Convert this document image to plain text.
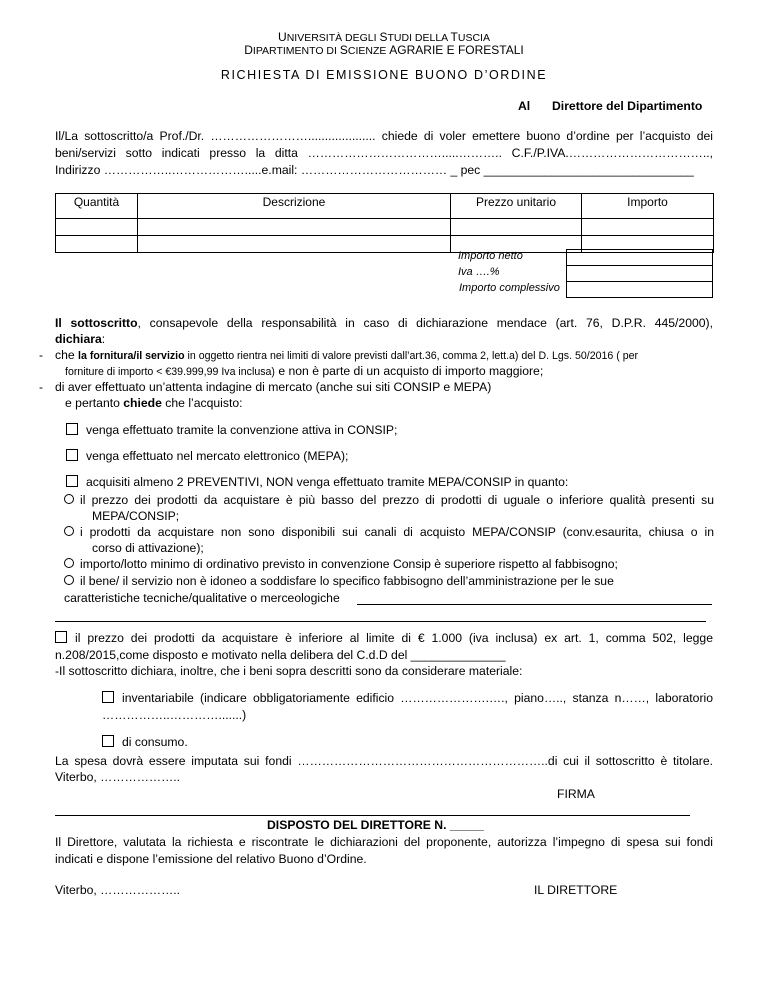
UNIVERSITÀ DEGLI STUDI DELLA TUSCIA
DIPARTIMENTO DI SCIENZE AGRARIE E FORESTALI
RICHIESTA DI EMISSIONE BUONO D’ORDINE
Al Direttore del Dipartimento
Il/La sottoscritto/a Prof./Dr. …………………….................... chiede di voler emettere buono d’ordine per l’acquisto dei
beni/servizi sotto indicati presso la ditta …………………………….....……….. C.F./P.IVA.……………………………..,
Indirizzo ……………..……………….....e.mail: ……………………………… _ pec _______________________________
Quantità	Descrizione	Prezzo unitario	Importo

Importo netto
Iva ….%
Importo complessivo

Il sottoscritto, consapevole della responsabilità in caso di dichiarazione mendace (art. 76, D.P.R. 445/2000),
dichiara:
- che la fornitura/il servizio in oggetto rientra nei limiti di valore previsti dall’art.36, comma 2, lett.a) del D. Lgs. 50/2016 ( per
forniture di importo < €39.999,99 Iva inclusa) e non è parte di un acquisto di importo maggiore;
- di aver effettuato un’attenta indagine di mercato (anche sui siti CONSIP e MEPA)
e pertanto chiede che l’acquisto:
venga effettuato tramite la convenzione attiva in CONSIP;
venga effettuato nel mercato elettronico (MEPA);
acquisiti almeno 2 PREVENTIVI, NON venga effettuato tramite MEPA/CONSIP in quanto:
il prezzo dei prodotti da acquistare è più basso del prezzo di prodotti di uguale o inferiore qualità presenti su
MEPA/CONSIP;
i prodotti da acquistare non sono disponibili sui canali di acquisto MEPA/CONSIP (conv.esaurita, chiusa o in
corso di attivazione);
importo/lotto minimo di ordinativo previsto in convenzione Consip è superiore rispetto al fabbisogno;
il bene/ il servizio non è idoneo a soddisfare lo specifico fabbisogno dell’amministrazione per le sue
caratteristiche tecniche/qualitative o merceologiche
il prezzo dei prodotti da acquistare è inferiore al limite di € 1.000 (iva inclusa) ex art. 1, comma 502, legge
n.208/2015,come disposto e motivato nella delibera del C.d.D del ______________
-Il sottoscritto dichiara, inoltre, che i beni sopra descritti sono da considerare materiale:
inventariabile (indicare obbligatoriamente edificio ………………….…., piano….., stanza n……, laboratorio
……………..………….......)
di consumo.
La spesa dovrà essere imputata sui fondi ……………………………………………………..di cui il sottoscritto è titolare.
Viterbo, ………………..
FIRMA
DISPOSTO DEL DIRETTORE N. _____
Il Direttore, valutata la richiesta e riscontrate le dichiarazioni del proponente, autorizza l’impegno di spesa sui fondi
indicati e dispone l’emissione del relativo Buono d’Ordine.
Viterbo, ………………..	IL DIRETTORE
